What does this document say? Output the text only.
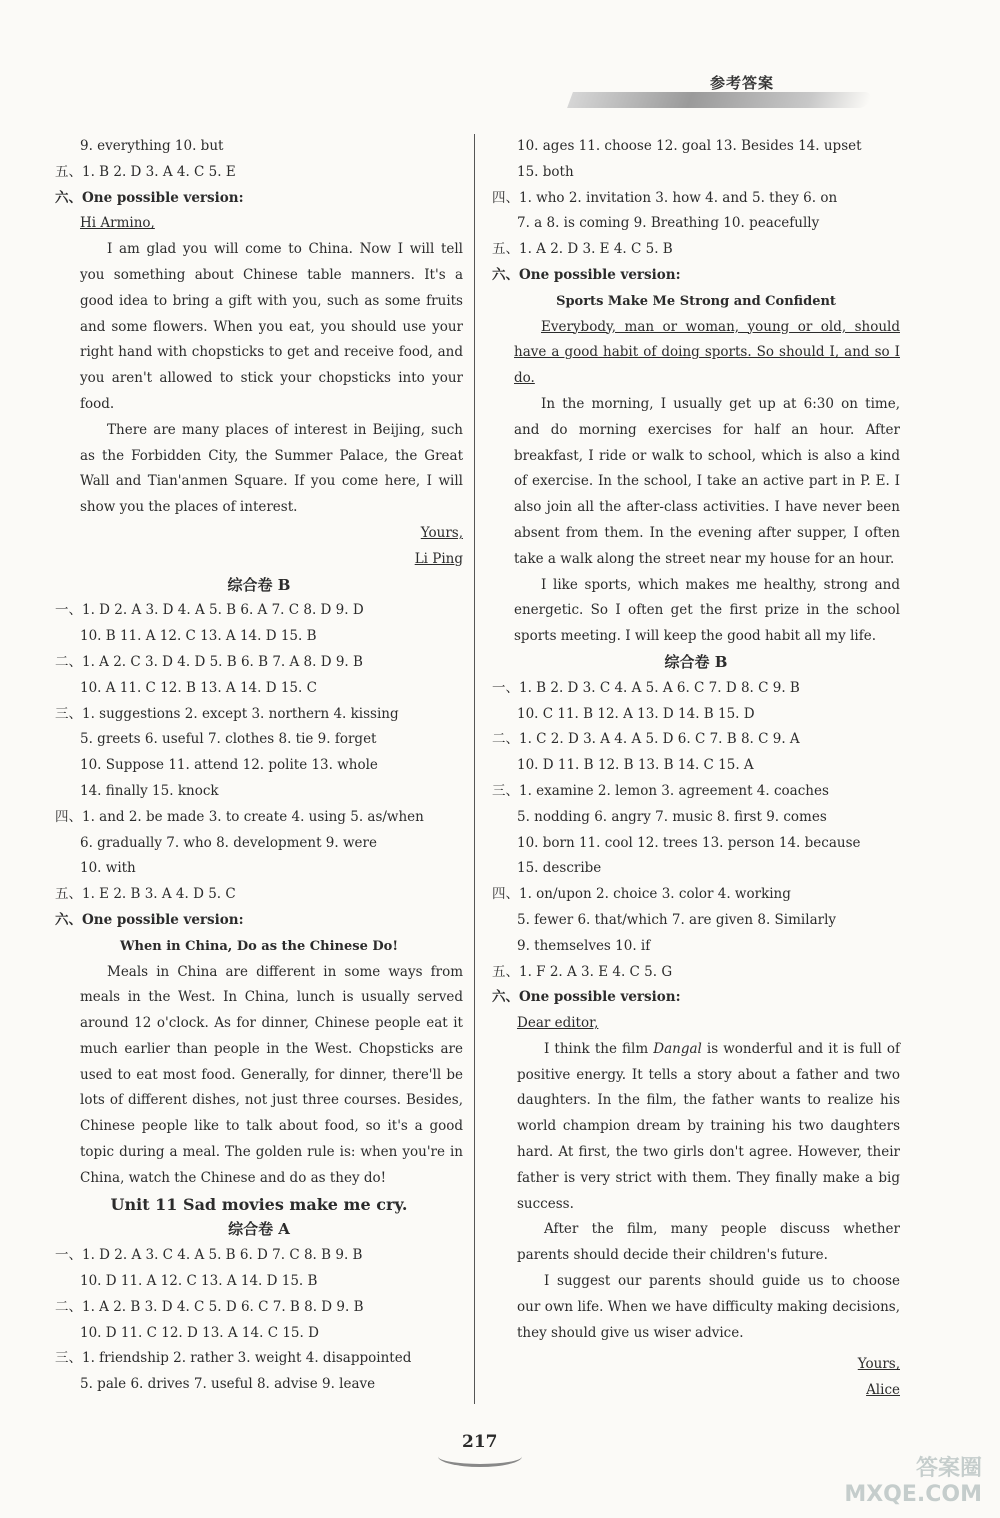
参考答案
9. everything 10. but
五、1. B 2. D 3. A 4. C 5. E
六、One possible version:
Hi Armino,

I am glad you will come to China. Now I will tell you something about Chinese table manners. It's a good idea to bring a gift with you, such as some fruits and some flowers. When you eat, you should use your right hand with chopsticks to get and receive food, and you aren't allowed to stick your chopsticks into your food.

There are many places of interest in Beijing, such as the Forbidden City, the Summer Palace, the Great Wall and Tian'anmen Square. If you come here, I will show you the places of interest.

Yours,
Li Ping
综合卷 B
一、1. D 2. A 3. D 4. A 5. B 6. A 7. C 8. D 9. D
10. B 11. A 12. C 13. A 14. D 15. B
二、1. A 2. C 3. D 4. D 5. B 6. B 7. A 8. D 9. B
10. A 11. C 12. B 13. A 14. D 15. C
三、1. suggestions 2. except 3. northern 4. kissing
5. greets 6. useful 7. clothes 8. tie 9. forget
10. Suppose 11. attend 12. polite 13. whole
14. finally 15. knock
四、1. and 2. be made 3. to create 4. using 5. as/when
6. gradually 7. who 8. development 9. were
10. with
五、1. E 2. B 3. A 4. D 5. C
六、One possible version:
When in China, Do as the Chinese Do!

Meals in China are different in some ways from meals in the West. In China, lunch is usually served around 12 o'clock. As for dinner, Chinese people eat it much earlier than people in the West. Chopsticks are used to eat most food. Generally, for dinner, there'll be lots of different dishes, not just three courses. Besides, Chinese people like to talk about food, so it's a good topic during a meal. The golden rule is: when you're in China, watch the Chinese and do as they do!

Unit 11 Sad movies make me cry.
综合卷 A
一、1. D 2. A 3. C 4. A 5. B 6. D 7. C 8. B 9. B
10. D 11. A 12. C 13. A 14. D 15. B
二、1. A 2. B 3. D 4. C 5. D 6. C 7. B 8. D 9. B
10. D 11. C 12. D 13. A 14. C 15. D
三、1. friendship 2. rather 3. weight 4. disappointed
5. pale 6. drives 7. useful 8. advise 9. leave
10. ages 11. choose 12. goal 13. Besides 14. upset
15. both
四、1. who 2. invitation 3. how 4. and 5. they 6. on
7. a 8. is coming 9. Breathing 10. peacefully
五、1. A 2. D 3. E 4. C 5. B
六、One possible version:
Sports Make Me Strong and Confident

Everybody, man or woman, young or old, should have a good habit of doing sports. So should I, and so I do.

In the morning, I usually get up at 6:30 on time, and do morning exercises for half an hour. After breakfast, I ride or walk to school, which is also a kind of exercise. In the school, I take an active part in P. E. I also join all the after-class activities. I have never been absent from them. In the evening after supper, I often take a walk along the street near my house for an hour.

I like sports, which makes me healthy, strong and energetic. So I often get the first prize in the school sports meeting. I will keep the good habit all my life.

综合卷 B
一、1. B 2. D 3. C 4. A 5. A 6. C 7. D 8. C 9. B
10. C 11. B 12. A 13. D 14. B 15. D
二、1. C 2. D 3. A 4. A 5. D 6. C 7. B 8. C 9. A
10. D 11. B 12. B 13. B 14. C 15. A
三、1. examine 2. lemon 3. agreement 4. coaches
5. nodding 6. angry 7. music 8. first 9. comes
10. born 11. cool 12. trees 13. person 14. because
15. describe
四、1. on/upon 2. choice 3. color 4. working
5. fewer 6. that/which 7. are given 8. Similarly
9. themselves 10. if
五、1. F 2. A 3. E 4. C 5. G
六、One possible version:
Dear editor,

I think the film Dangal is wonderful and it is full of positive energy. It tells a story about a father and two daughters. In the film, the father wants to realize his world champion dream by training his two daughters hard. At first, the two girls don't agree. However, their father is very strict with them. They finally make a big success.

After the film, many people discuss whether parents should decide their children's future.

I suggest our parents should guide us to choose our own life. When we have difficulty making decisions, they should give us wiser advice.

Yours,
Alice
217
答案圈
MXQE.COM
